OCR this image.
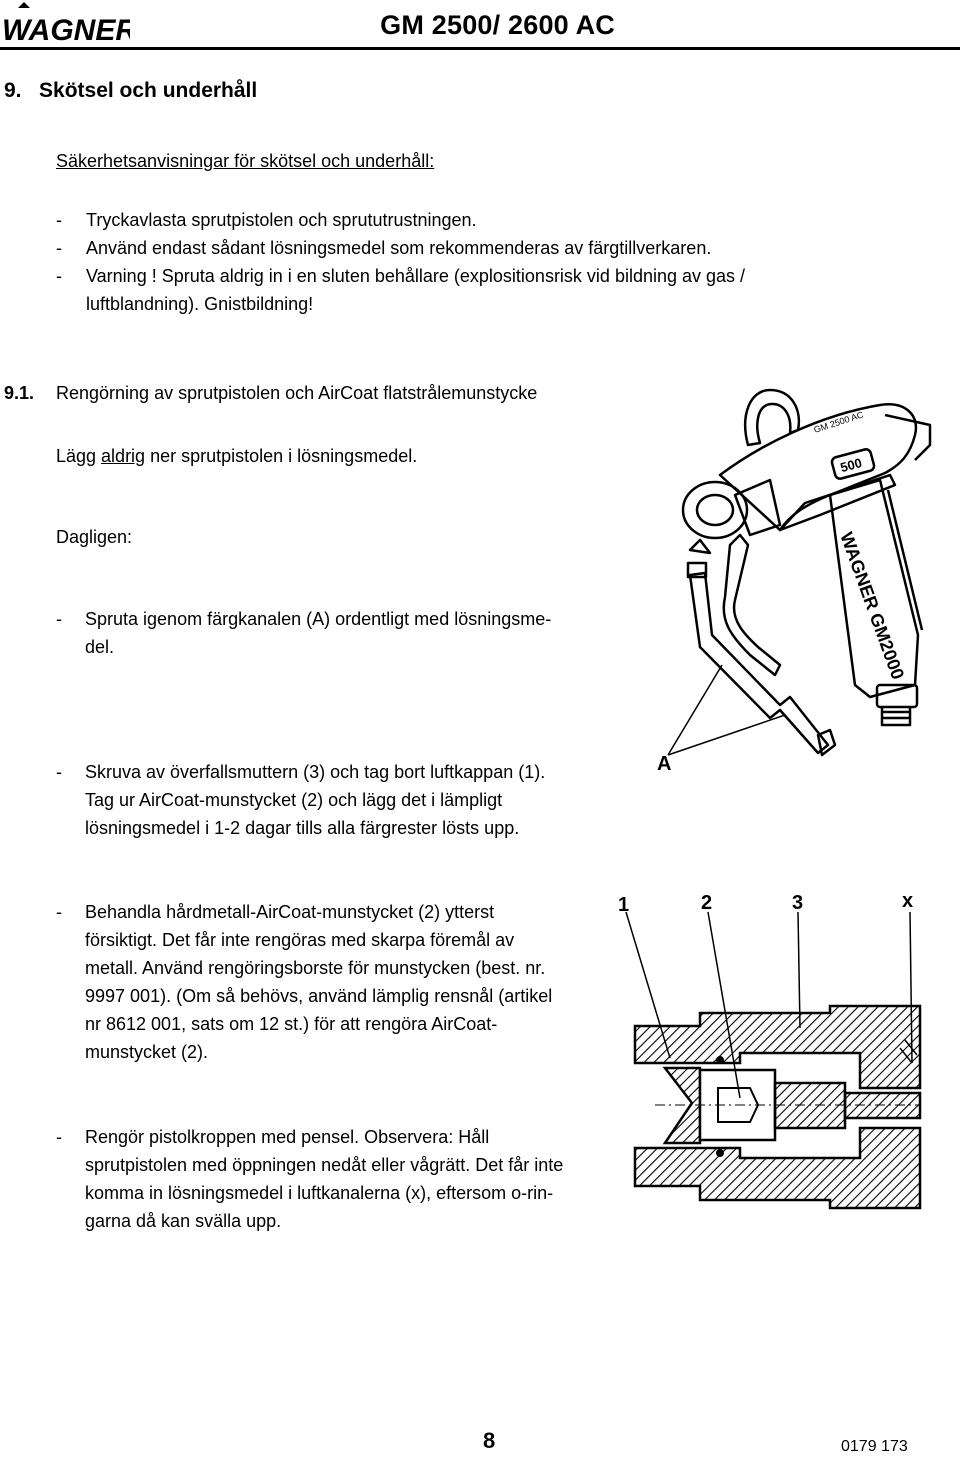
WAGNER	GM 2500/ 2600 AC
9.   Skötsel och underhåll
Säkerhetsanvisningar för skötsel och underhåll:
- Tryckavlasta sprutpistolen och sprututrustningen.
- Använd endast sådant lösningsmedel som rekommenderas av färgtillverkaren.
- Varning ! Spruta aldrig in i en sluten behållare (explositionsrisk vid bildning av gas / luftblandning). Gnistbildning!
9.1. Rengörning av sprutpistolen och AirCoat flatstrålemunstycke
Lägg aldrig ner sprutpistolen i lösningsmedel.
Dagligen:
- Spruta igenom färgkanalen (A) ordentligt med lösningsme-
del.
- Skruva av överfallsmuttern (3) och tag bort luftkappan (1).
Tag ur AirCoat-munstycket (2) och lägg det i lämpligt
lösningsmedel i 1-2 dagar tills alla färgrester lösts upp.
- Behandla hårdmetall-AirCoat-munstycket (2) ytterst
försiktigt. Det får inte rengöras med skarpa föremål av
metall. Använd rengöringsborste för munstycken (best. nr.
9997 001). (Om så behövs, använd lämplig rensnål (artikel
nr 8612 001, sats om 12 st.) för att rengöra AirCoat-
munstycket (2).
- Rengör pistolkroppen med pensel. Observera: Håll
sprutpistolen med öppningen nedåt eller vågrätt. Det får inte
komma in lösningsmedel i luftkanalerna (x), eftersom o-rin-
garna då kan svälla upp.
WAGNER GM2000
500
GM 2500 AC
A
1	2	3	x
8	0179 173
